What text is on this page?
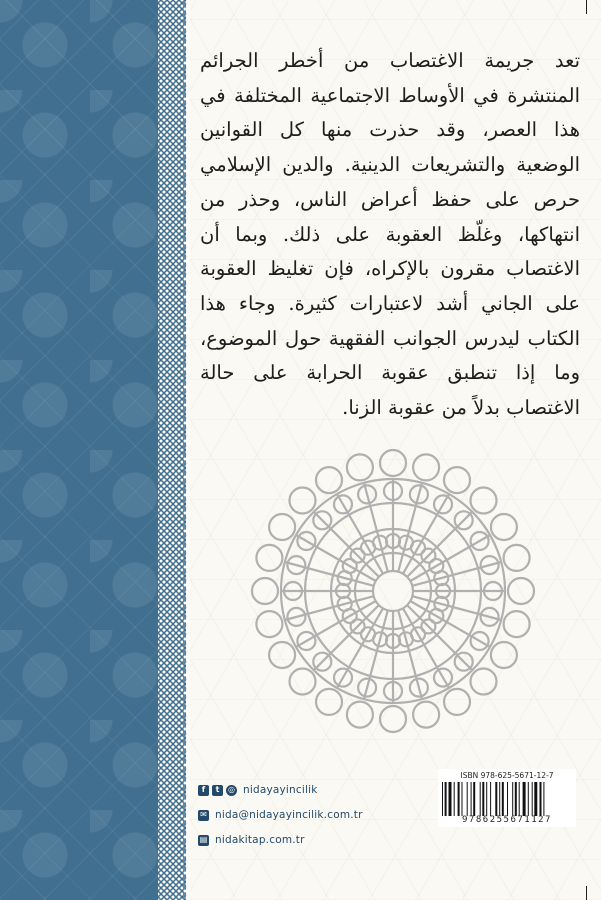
تعد جريمة الاغتصاب من أخطر الجرائم المنتشرة في الأوساط الاجتماعية المختلفة في هذا العصر، وقد حذرت منها كل القوانين الوضعية والتشريعات الدينية. والدين الإسلامي حرص على حفظ أعراض الناس، وحذر من انتهاكها، وغلّظ العقوبة على ذلك. وبما أن الاغتصاب مقرون بالإكراه، فإن تغليظ العقوبة على الجاني أشد لاعتبارات كثيرة. وجاء هذا الكتاب ليدرس الجوانب الفقهية حول الموضوع، وما إذا تنطبق عقوبة الحرابة على حالة الاغتصاب بدلاً من عقوبة الزنا.

f	t	◎ nidayayincilik
✉ nida@nidayayincilik.com.tr
▤ nidakitap.com.tr
ISBN 978-625-5671-12-7
9786255671127
